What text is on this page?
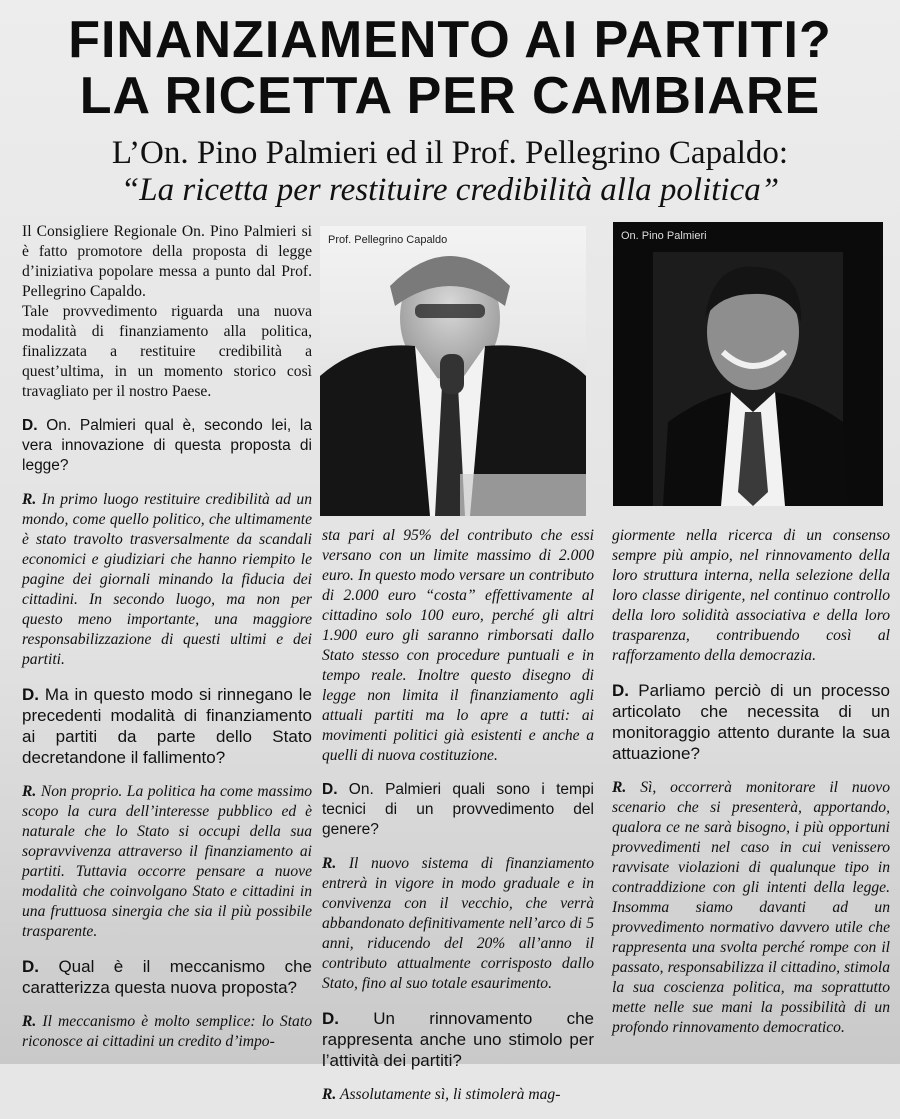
FINANZIAMENTO AI PARTITI?
LA RICETTA PER CAMBIARE
L’On. Pino Palmieri ed il Prof. Pellegrino Capaldo:
“La ricetta per restituire credibilità alla politica”

Il Consigliere Regionale On. Pino Palmieri si è fatto promotore della proposta di legge d’iniziativa popolare messa a punto dal Prof. Pellegrino Capaldo.

Tale provvedimento riguarda una nuova modalità di finanziamento alla politica, finalizzata a restituire credibilità a quest’ultima, in un momento storico così travagliato per il nostro Paese.

D. On. Palmieri qual è, secondo lei, la vera innovazione di questa proposta di legge?

R. In primo luogo restituire credibilità ad un mondo, come quello politico, che ultimamente è stato travolto trasversalmente da scandali economici e giudiziari che hanno riempito le pagine dei giornali minando la fiducia dei cittadini. In secondo luogo, ma non per questo meno importante, una maggiore responsabilizzazione di questi ultimi e dei partiti.

D. Ma in questo modo si rinnegano le precedenti modalità di finanziamento ai partiti da parte dello Stato decretandone il fallimento?

R. Non proprio. La politica ha come massimo scopo la cura dell’interesse pubblico ed è naturale che lo Stato si occupi della sua sopravvivenza attraverso il finanziamento ai partiti. Tuttavia occorre pensare a nuove modalità che coinvolgano Stato e cittadini in una fruttuosa sinergia che sia il più possibile trasparente.

D. Qual è il meccanismo che caratterizza questa nuova proposta?

R. Il meccanismo è molto semplice: lo Stato riconosce ai cittadini un credito d’impo-

Prof. Pellegrino Capaldo	On. Pino Palmieri

sta pari al 95% del contributo che essi versano con un limite massimo di 2.000 euro. In questo modo versare un contributo di 2.000 euro “costa” effettivamente al cittadino solo 100 euro, perché gli altri 1.900 euro gli saranno rimborsati dallo Stato stesso con procedure puntuali e in tempo reale. Inoltre questo disegno di legge non limita il finanziamento agli attuali partiti ma lo apre a tutti: ai movimenti politici già esistenti e anche a quelli di nuova costituzione.

D. On. Palmieri quali sono i tempi tecnici di un provvedimento del genere?

R. Il nuovo sistema di finanziamento entrerà in vigore in modo graduale e in convivenza con il vecchio, che verrà abbandonato definitivamente nell’arco di 5 anni, riducendo del 20% all’anno il contributo attualmente corrisposto dallo Stato, fino al suo totale esaurimento.

D. Un rinnovamento che rappresenta anche uno stimolo per l’attività dei partiti?

R. Assolutamente sì, li stimolerà mag-

giormente nella ricerca di un consenso sempre più ampio, nel rinnovamento della loro struttura interna, nella selezione della loro classe dirigente, nel continuo controllo della loro solidità associativa e della loro trasparenza, contribuendo così al rafforzamento della democrazia.

D. Parliamo perciò di un processo articolato che necessita di un monitoraggio attento durante la sua attuazione?

R. Sì, occorrerà monitorare il nuovo scenario che si presenterà, apportando, qualora ce ne sarà bisogno, i più opportuni provvedimenti nel caso in cui venissero ravvisate violazioni di qualunque tipo in contraddizione con gli intenti della legge. Insomma siamo davanti ad un provvedimento normativo davvero utile che rappresenta una svolta perché rompe con il passato, responsabilizza il cittadino, stimola la sua coscienza politica, ma soprattutto mette nelle sue mani la possibilità di un profondo rinnovamento democratico.
